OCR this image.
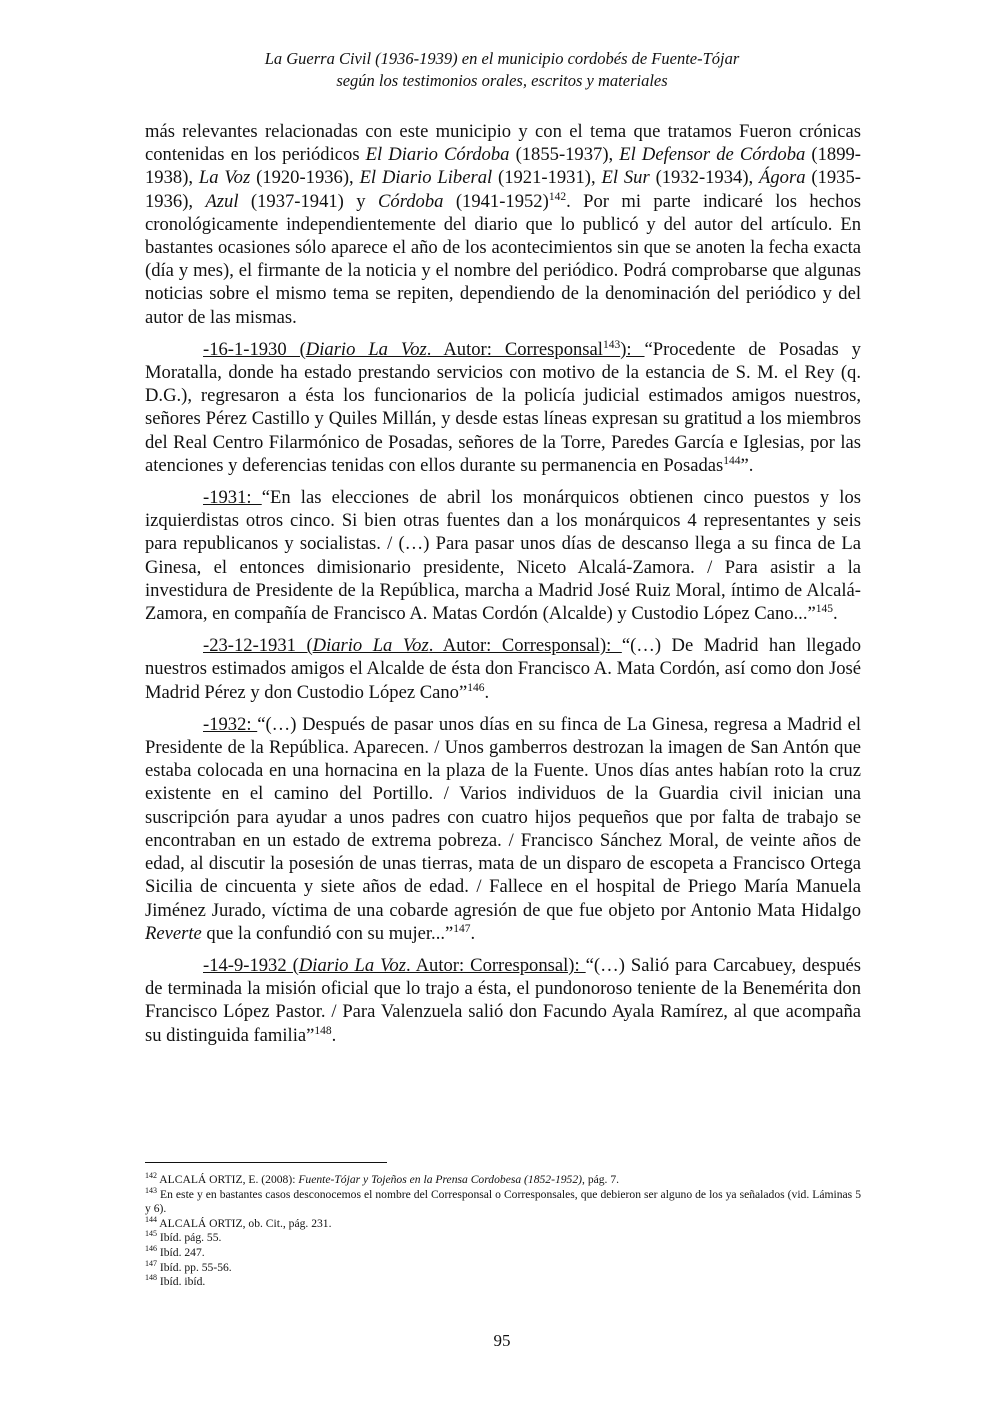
La Guerra Civil (1936-1939) en el municipio cordobés de Fuente-Tójar
según los testimonios orales, escritos y materiales

más relevantes relacionadas con este municipio y con el tema que tratamos Fueron crónicas contenidas en los periódicos El Diario Córdoba (1855-1937), El Defensor de Córdoba (1899-1938), La Voz (1920-1936), El Diario Liberal (1921-1931), El Sur (1932-1934), Ágora (1935-1936), Azul (1937-1941) y Córdoba (1941-1952)$^{142}$. Por mi parte indicaré los hechos cronológicamente independientemente del diario que lo publicó y del autor del artículo. En bastantes ocasiones sólo aparece el año de los acontecimientos sin que se anoten la fecha exacta (día y mes), el firmante de la noticia y el nombre del periódico. Podrá comprobarse que algunas noticias sobre el mismo tema se repiten, dependiendo de la denominación del periódico y del autor de las mismas.

-16-1-1930 (Diario La Voz. Autor: Corresponsal$^{143}$): “Procedente de Posadas y Moratalla, donde ha estado prestando servicios con motivo de la estancia de S. M. el Rey (q. D.G.), regresaron a ésta los funcionarios de la policía judicial estimados amigos nuestros, señores Pérez Castillo y Quiles Millán, y desde estas líneas expresan su gratitud a los miembros del Real Centro Filarmónico de Posadas, señores de la Torre, Paredes García e Iglesias, por las atenciones y deferencias tenidas con ellos durante su permanencia en Posadas$^{144}$”.

-1931: “En las elecciones de abril los monárquicos obtienen cinco puestos y los izquierdistas otros cinco. Si bien otras fuentes dan a los monárquicos 4 representantes y seis para republicanos y socialistas. / (…) Para pasar unos días de descanso llega a su finca de La Ginesa, el entonces dimisionario presidente, Niceto Alcalá-Zamora. / Para asistir a la investidura de Presidente de la República, marcha a Madrid José Ruiz Moral, íntimo de Alcalá-Zamora, en compañía de Francisco A. Matas Cordón (Alcalde) y Custodio López Cano...”$^{145}$.

-23-12-1931 (Diario La Voz. Autor: Corresponsal): “(…) De Madrid han llegado nuestros estimados amigos el Alcalde de ésta don Francisco A. Mata Cordón, así como don José Madrid Pérez y don Custodio López Cano”$^{146}$.

-1932: “(…) Después de pasar unos días en su finca de La Ginesa, regresa a Madrid el Presidente de la República. Aparecen. / Unos gamberros destrozan la imagen de San Antón que estaba colocada en una hornacina en la plaza de la Fuente. Unos días antes habían roto la cruz existente en el camino del Portillo. / Varios individuos de la Guardia civil inician una suscripción para ayudar a unos padres con cuatro hijos pequeños que por falta de trabajo se encontraban en un estado de extrema pobreza. / Francisco Sánchez Moral, de veinte años de edad, al discutir la posesión de unas tierras, mata de un disparo de escopeta a Francisco Ortega Sicilia de cincuenta y siete años de edad. / Fallece en el hospital de Priego María Manuela Jiménez Jurado, víctima de una cobarde agresión de que fue objeto por Antonio Mata Hidalgo Reverte que la confundió con su mujer...”$^{147}$.

-14-9-1932 (Diario La Voz. Autor: Corresponsal): “(…) Salió para Carcabuey, después de terminada la misión oficial que lo trajo a ésta, el pundonoroso teniente de la Benemérita don Francisco López Pastor. / Para Valenzuela salió don Facundo Ayala Ramírez, al que acompaña su distinguida familia”$^{148}$.

$^{142}$ ALCALÁ ORTIZ, E. (2008): Fuente-Tójar y Tojeños en la Prensa Cordobesa (1852-1952), pág. 7.
$^{143}$ En este y en bastantes casos desconocemos el nombre del Corresponsal o Corresponsales, que debieron ser alguno de los ya señalados (vid. Láminas 5 y 6).
$^{144}$ ALCALÁ ORTIZ, ob. Cit., pág. 231.
$^{145}$ Ibíd. pág. 55.
$^{146}$ Ibíd. 247.
$^{147}$ Ibíd. pp. 55-56.
$^{148}$ Ibíd. ibíd.
95
